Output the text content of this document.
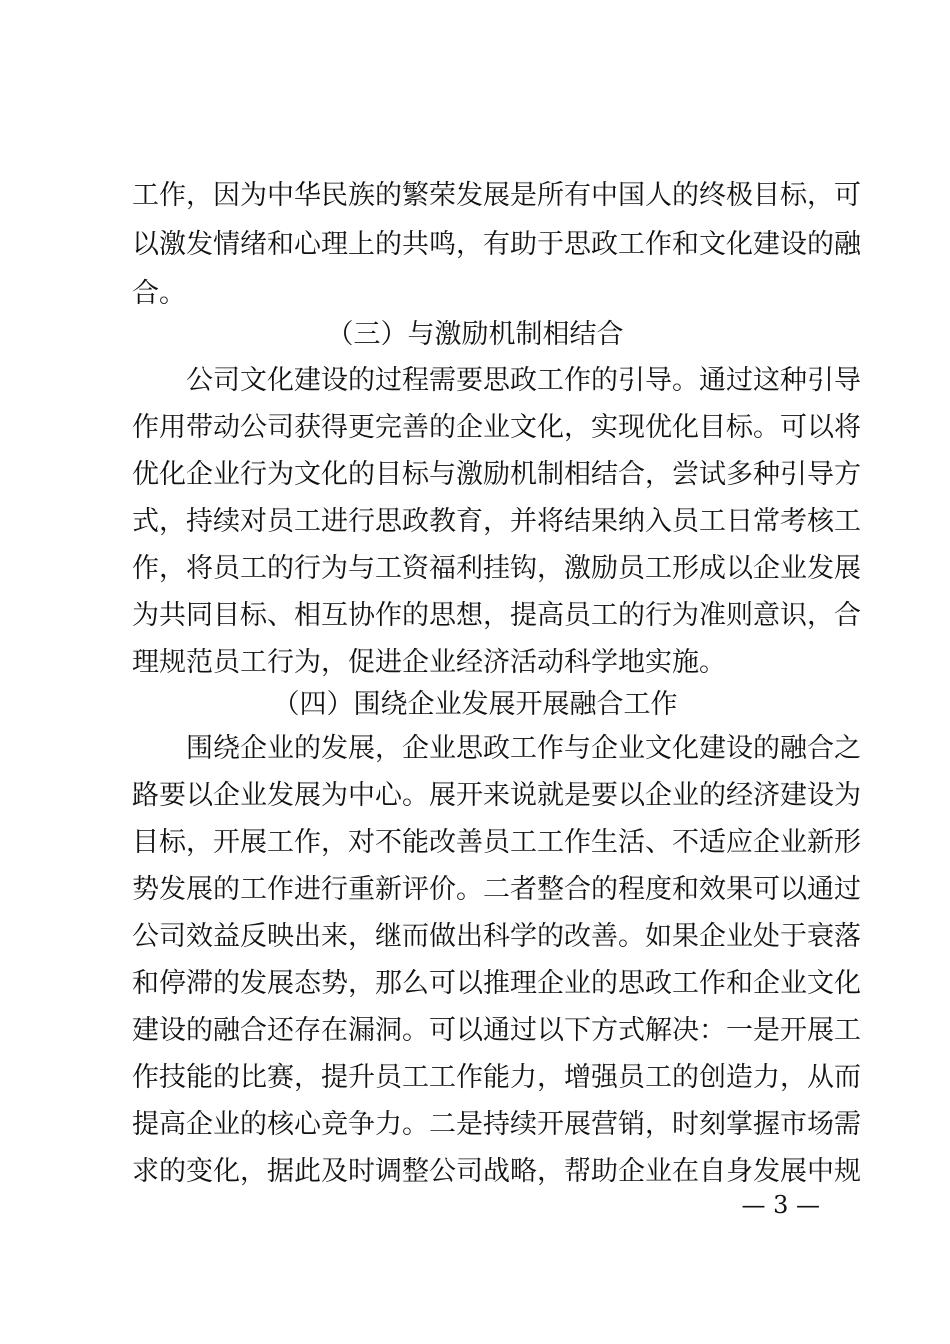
工作，因为中华民族的繁荣发展是所有中国人的终极目标，可
以激发情绪和心理上的共鸣，有助于思政工作和文化建设的融
合。
（三）与激励机制相结合
公司文化建设的过程需要思政工作的引导。通过这种引导
作用带动公司获得更完善的企业文化，实现优化目标。可以将
优化企业行为文化的目标与激励机制相结合，尝试多种引导方
式，持续对员工进行思政教育，并将结果纳入员工日常考核工
作，将员工的行为与工资福利挂钩，激励员工形成以企业发展
为共同目标、相互协作的思想，提高员工的行为准则意识，合
理规范员工行为，促进企业经济活动科学地实施。
（四）围绕企业发展开展融合工作
围绕企业的发展，企业思政工作与企业文化建设的融合之
路要以企业发展为中心。展开来说就是要以企业的经济建设为
目标，开展工作，对不能改善员工工作生活、不适应企业新形
势发展的工作进行重新评价。二者整合的程度和效果可以通过
公司效益反映出来，继而做出科学的改善。如果企业处于衰落
和停滞的发展态势，那么可以推理企业的思政工作和企业文化
建设的融合还存在漏洞。可以通过以下方式解决：一是开展工
作技能的比赛，提升员工工作能力，增强员工的创造力，从而
提高企业的核心竞争力。二是持续开展营销，时刻掌握市场需
求的变化，据此及时调整公司战略，帮助企业在自身发展中规
— 3 —
